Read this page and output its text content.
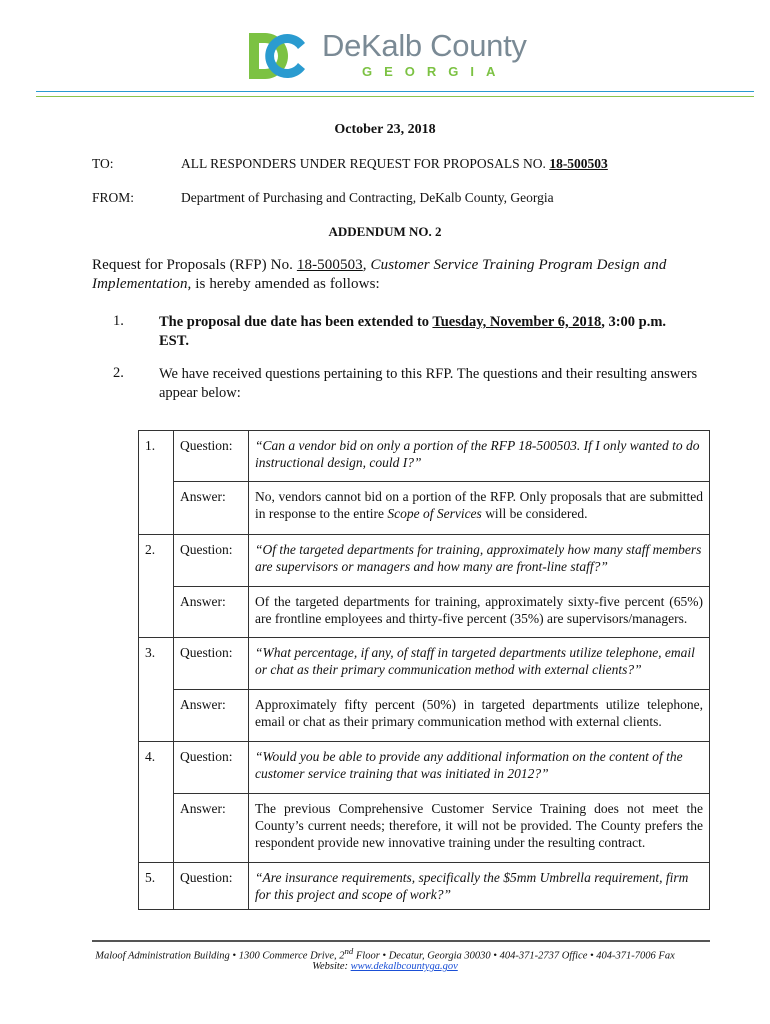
DeKalb County
GEORGIA
October 23, 2018
TO:	ALL RESPONDERS UNDER REQUEST FOR PROPOSALS NO. 18-500503
FROM:	Department of Purchasing and Contracting, DeKalb County, Georgia
ADDENDUM NO. 2
Request for Proposals (RFP) No. 18-500503, Customer Service Training Program Design and Implementation, is hereby amended as follows:
1. The proposal due date has been extended to Tuesday, November 6, 2018, 3:00 p.m. EST.
2. We have received questions pertaining to this RFP. The questions and their resulting answers appear below:
1.	Question:	“Can a vendor bid on only a portion of the RFP 18-500503. If I only wanted to do instructional design, could I?”
	Answer:	No, vendors cannot bid on a portion of the RFP. Only proposals that are submitted in response to the entire Scope of Services will be considered.
2.	Question:	“Of the targeted departments for training, approximately how many staff members are supervisors or managers and how many are front-line staff?”
	Answer:	Of the targeted departments for training, approximately sixty-five percent (65%) are frontline employees and thirty-five percent (35%) are supervisors/managers.
3.	Question:	“What percentage, if any, of staff in targeted departments utilize telephone, email or chat as their primary communication method with external clients?”
	Answer:	Approximately fifty percent (50%) in targeted departments utilize telephone, email or chat as their primary communication method with external clients.
4.	Question:	“Would you be able to provide any additional information on the content of the customer service training that was initiated in 2012?”
	Answer:	The previous Comprehensive Customer Service Training does not meet the County’s current needs; therefore, it will not be provided. The County prefers the respondent provide new innovative training under the resulting contract.
5.	Question:	“Are insurance requirements, specifically the $5mm Umbrella requirement, firm for this project and scope of work?”
Maloof Administration Building • 1300 Commerce Drive, 2nd Floor • Decatur, Georgia 30030 • 404-371-2737 Office • 404-371-7006 Fax
Website: www.dekalbcountyga.gov
